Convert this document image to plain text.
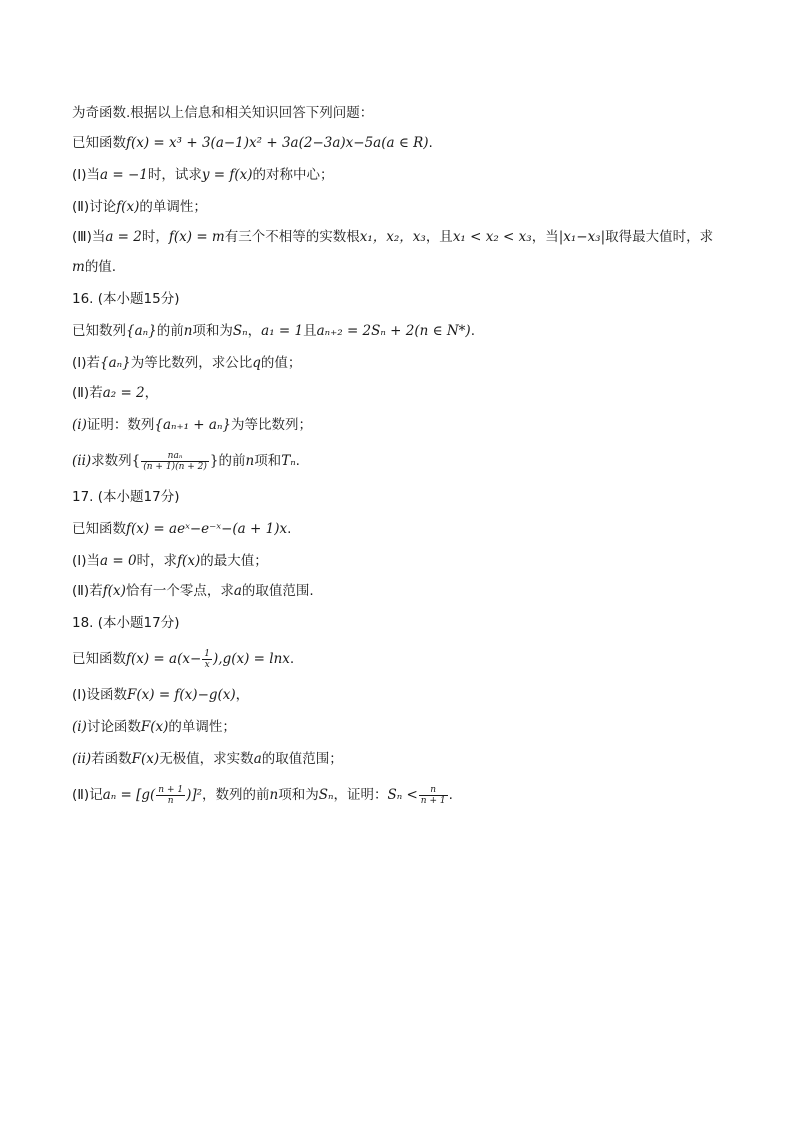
为奇函数.根据以上信息和相关知识回答下列问题：
已知函数f(x) = x³ + 3(a−1)x² + 3a(2−3a)x−5a(a ∈ R).
(Ⅰ)当a = −1时，试求y = f(x)的对称中心；
(Ⅱ)讨论f(x)的单调性；
(Ⅲ)当a = 2时，f(x) = m有三个不相等的实数根x₁，x₂，x₃，且x₁ < x₂ < x₃，当|x₁−x₃|取得最大值时，求
m的值.
16. (本小题15分)
已知数列{aₙ}的前n项和为Sₙ，a₁ = 1且aₙ₊₂ = 2Sₙ + 2(n ∈ N*).
(Ⅰ)若{aₙ}为等比数列，求公比q的值；
(Ⅱ)若a₂ = 2，
(i)证明：数列{aₙ₊₁ + aₙ}为等比数列；
(ii)求数列{ $\frac{\text{naₙ}}{(n + 1)(n + 2)}$ }的前n项和Tₙ.
17. (本小题17分)
已知函数f(x) = aeˣ−e⁻ˣ−(a + 1)x.
(Ⅰ)当a = 0时，求f(x)的最大值；
(Ⅱ)若f(x)恰有一个零点，求a的取值范围.
18. (本小题17分)
已知函数$f(x) = a(x- \frac{1}{x} ),g(x) = \ln x$.
(Ⅰ)设函数F(x) = f(x)−g(x)，
(i)讨论函数F(x)的单调性；
(ii)若函数F(x)无极值，求实数a的取值范围；
(Ⅱ)记$a_n = [g( \frac{n + 1}{n} )]^2$，数列的前n项和为Sₙ，证明：$S_n < \frac{n}{n + 1}$ .
